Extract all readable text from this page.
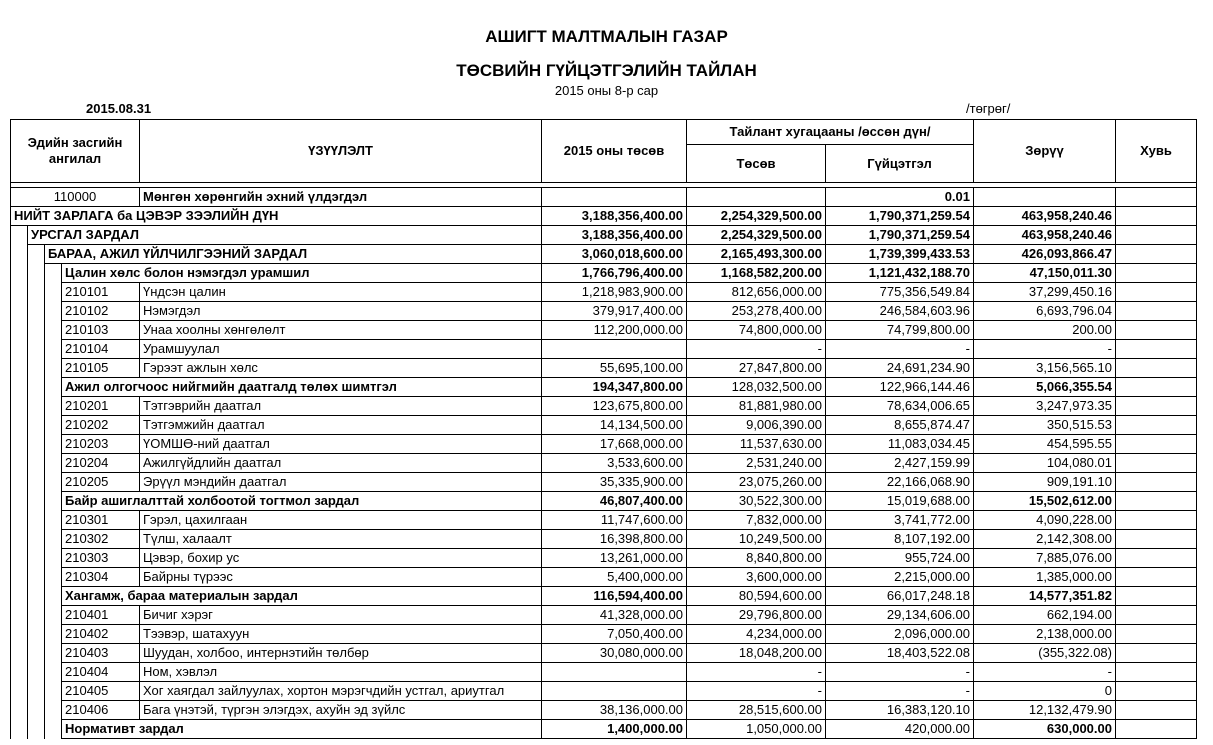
АШИГТ МАЛТМАЛЫН ГАЗАР
ТӨСВИЙН ГҮЙЦЭТГЭЛИЙН ТАЙЛАН
2015 оны 8-р сар
2015.08.31	/төгрөг/
Эдийн засгийн ангилал				ҮЗҮҮЛЭЛТ	2015 оны төсөв	Тайлант хугацааны /өссөн дүн/		Зөрүү	Хувь
						Төсөв	Гүйцэтгэл		

110000				Мөнгөн хөрөнгийн эхний үлдэгдэл			0.01		
НИЙТ ЗАРЛАГА ба ЦЭВЭР ЗЭЭЛИЙН ДҮН					3,188,356,400.00	2,254,329,500.00	1,790,371,259.54	463,958,240.46	
	УРСГАЛ ЗАРДАЛ				3,188,356,400.00	2,254,329,500.00	1,790,371,259.54	463,958,240.46	
		БАРАА, АЖИЛ ҮЙЛЧИЛГЭЭНИЙ ЗАРДАЛ			3,060,018,600.00	2,165,493,300.00	1,739,399,433.53	426,093,866.47	
			Цалин хөлс болон нэмэгдэл урамшил		1,766,796,400.00	1,168,582,200.00	1,121,432,188.70	47,150,011.30	
			210101	Үндсэн цалин	1,218,983,900.00	812,656,000.00	775,356,549.84	37,299,450.16	
			210102	Нэмэгдэл	379,917,400.00	253,278,400.00	246,584,603.96	6,693,796.04	
			210103	Унаа хоолны хөнгөлөлт	112,200,000.00	74,800,000.00	74,799,800.00	200.00	
			210104	Урамшуулал		-	-	-	
			210105	Гэрээт ажлын хөлс	55,695,100.00	27,847,800.00	24,691,234.90	3,156,565.10	
			Ажил олгогчоос нийгмийн даатгалд төлөх шимтгэл		194,347,800.00	128,032,500.00	122,966,144.46	5,066,355.54	
			210201	Тэтгэврийн даатгал	123,675,800.00	81,881,980.00	78,634,006.65	3,247,973.35	
			210202	Тэтгэмжийн даатгал	14,134,500.00	9,006,390.00	8,655,874.47	350,515.53	
			210203	ҮОМШӨ-ний даатгал	17,668,000.00	11,537,630.00	11,083,034.45	454,595.55	
			210204	Ажилгүйдлийн даатгал	3,533,600.00	2,531,240.00	2,427,159.99	104,080.01	
			210205	Эрүүл мэндийн даатгал	35,335,900.00	23,075,260.00	22,166,068.90	909,191.10	
			Байр ашиглалттай холбоотой тогтмол зардал		46,807,400.00	30,522,300.00	15,019,688.00	15,502,612.00	
			210301	Гэрэл, цахилгаан	11,747,600.00	7,832,000.00	3,741,772.00	4,090,228.00	
			210302	Түлш, халаалт	16,398,800.00	10,249,500.00	8,107,192.00	2,142,308.00	
			210303	Цэвэр, бохир ус	13,261,000.00	8,840,800.00	955,724.00	7,885,076.00	
			210304	Байрны түрээс	5,400,000.00	3,600,000.00	2,215,000.00	1,385,000.00	
			Хангамж, бараа материалын зардал		116,594,400.00	80,594,600.00	66,017,248.18	14,577,351.82	
			210401	Бичиг хэрэг	41,328,000.00	29,796,800.00	29,134,606.00	662,194.00	
			210402	Тээвэр, шатахуун	7,050,400.00	4,234,000.00	2,096,000.00	2,138,000.00	
			210403	Шуудан, холбоо, интернэтийн төлбөр	30,080,000.00	18,048,200.00	18,403,522.08	(355,322.08)	
			210404	Ном, хэвлэл		-	-	-	
			210405	Хог хаягдал зайлуулах, хортон мэрэгчдийн устгал, ариутгал		-	-	0	
			210406	Бага үнэтэй, түргэн элэгдэх, ахуйн эд зүйлс	38,136,000.00	28,515,600.00	16,383,120.10	12,132,479.90	
			Нормативт зардал		1,400,000.00	1,050,000.00	420,000.00	630,000.00	
